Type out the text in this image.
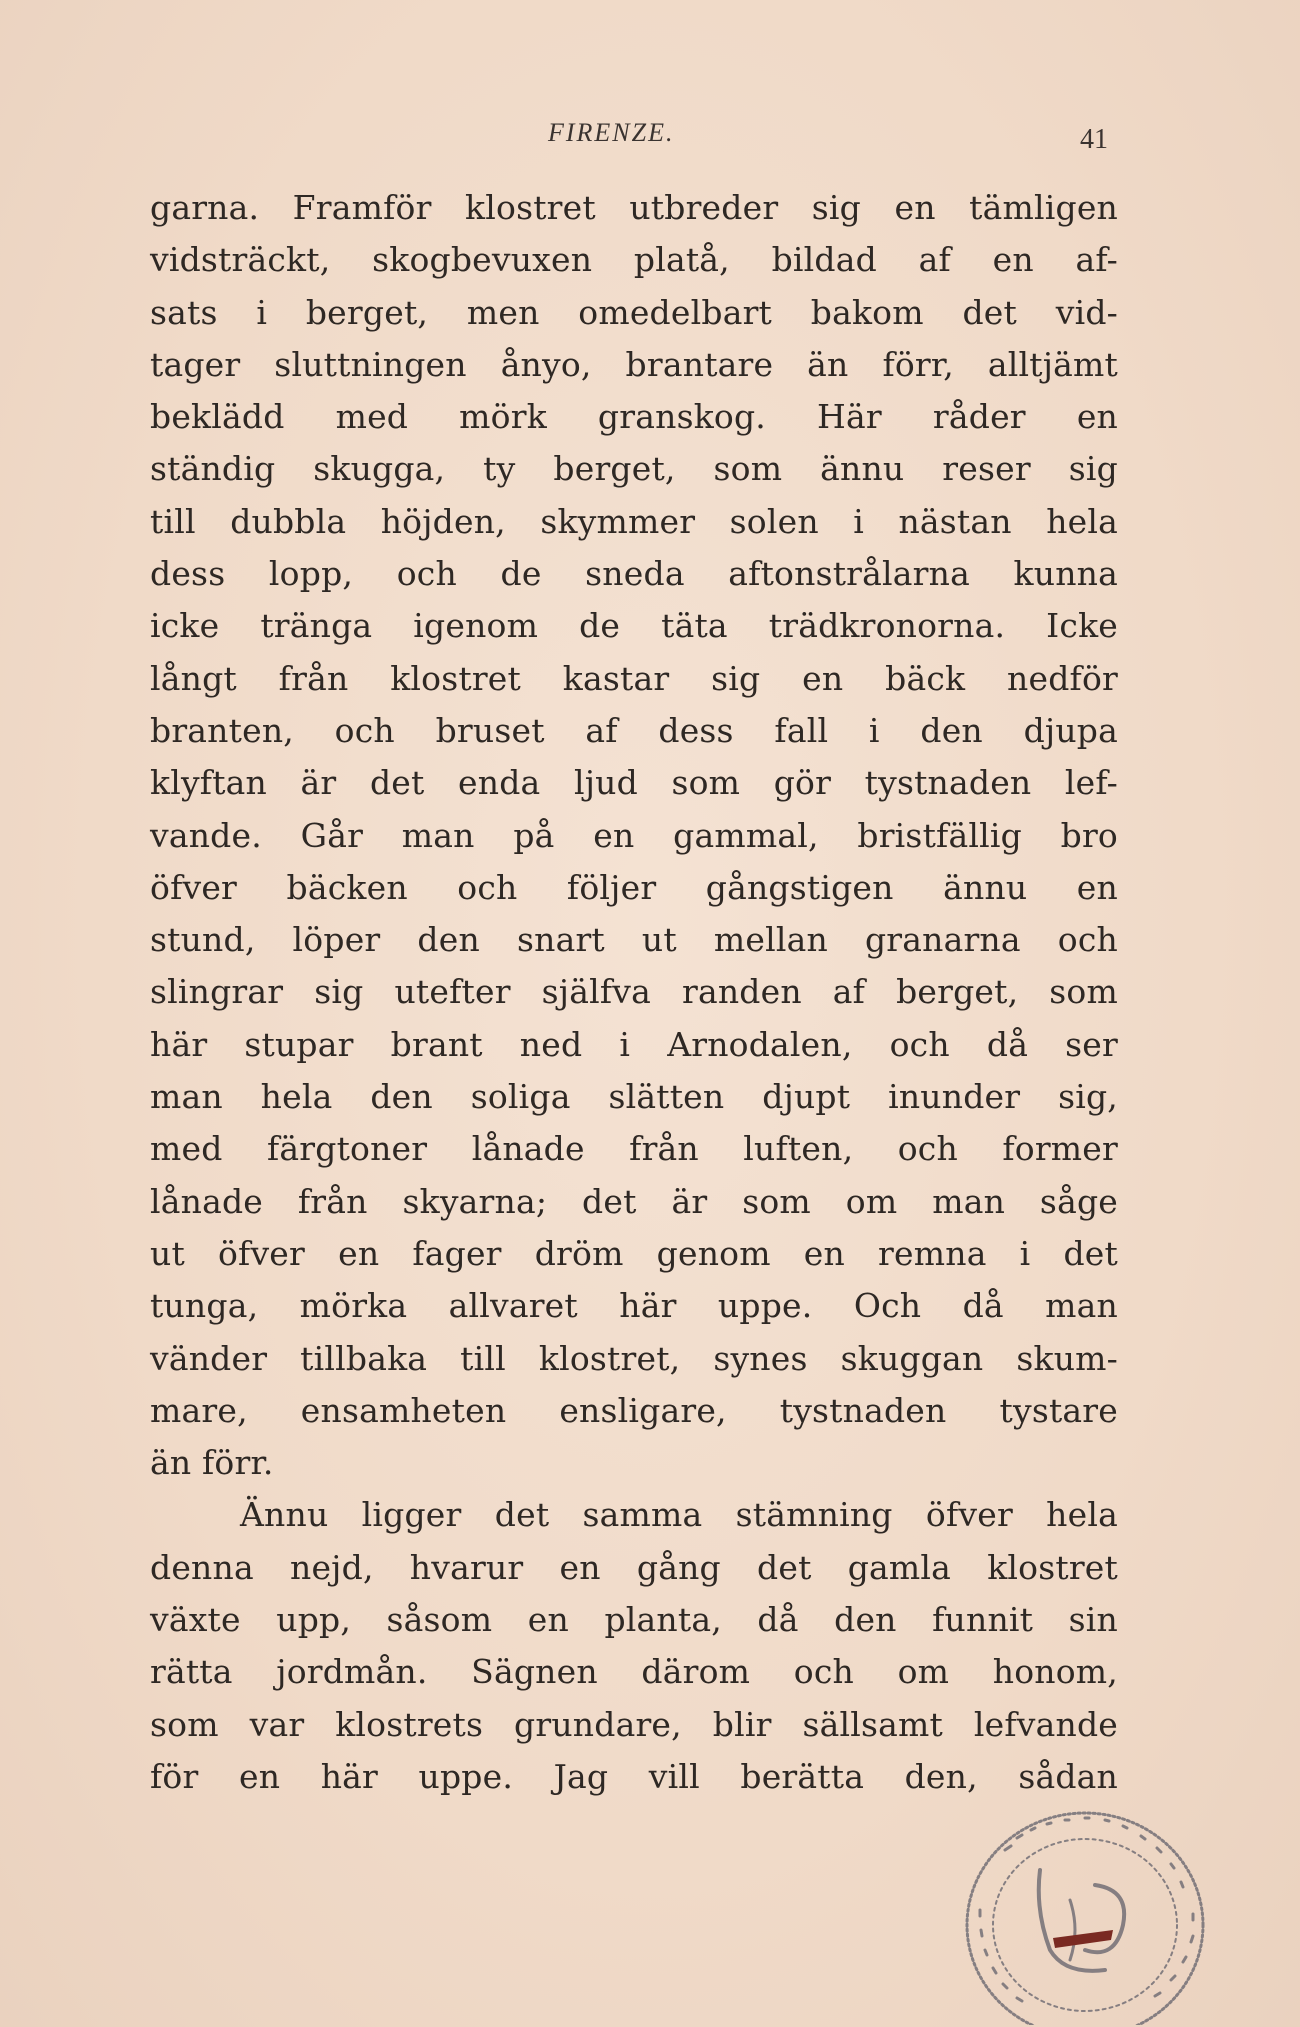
FIRENZE.	41
garna. Framför klostret utbreder sig en tämligen
vidsträckt, skogbevuxen platå, bildad af en af-
sats i berget, men omedelbart bakom det vid-
tager sluttningen ånyo, brantare än förr, alltjämt
beklädd med mörk granskog. Här råder en
ständig skugga, ty berget, som ännu reser sig
till dubbla höjden, skymmer solen i nästan hela
dess lopp, och de sneda aftonstrålarna kunna
icke tränga igenom de täta trädkronorna. Icke
långt från klostret kastar sig en bäck nedför
branten, och bruset af dess fall i den djupa
klyftan är det enda ljud som gör tystnaden lef-
vande. Går man på en gammal, bristfällig bro
öfver bäcken och följer gångstigen ännu en
stund, löper den snart ut mellan granarna och
slingrar sig utefter själfva randen af berget, som
här stupar brant ned i Arnodalen, och då ser
man hela den soliga slätten djupt inunder sig,
med färgtoner lånade från luften, och former
lånade från skyarna; det är som om man såge
ut öfver en fager dröm genom en remna i det
tunga, mörka allvaret här uppe. Och då man
vänder tillbaka till klostret, synes skuggan skum-
mare, ensamheten ensligare, tystnaden tystare
än förr.
Ännu ligger det samma stämning öfver hela
denna nejd, hvarur en gång det gamla klostret
växte upp, såsom en planta, då den funnit sin
rätta jordmån. Sägnen därom och om honom,
som var klostrets grundare, blir sällsamt lefvande
för en här uppe. Jag vill berätta den, sådan
